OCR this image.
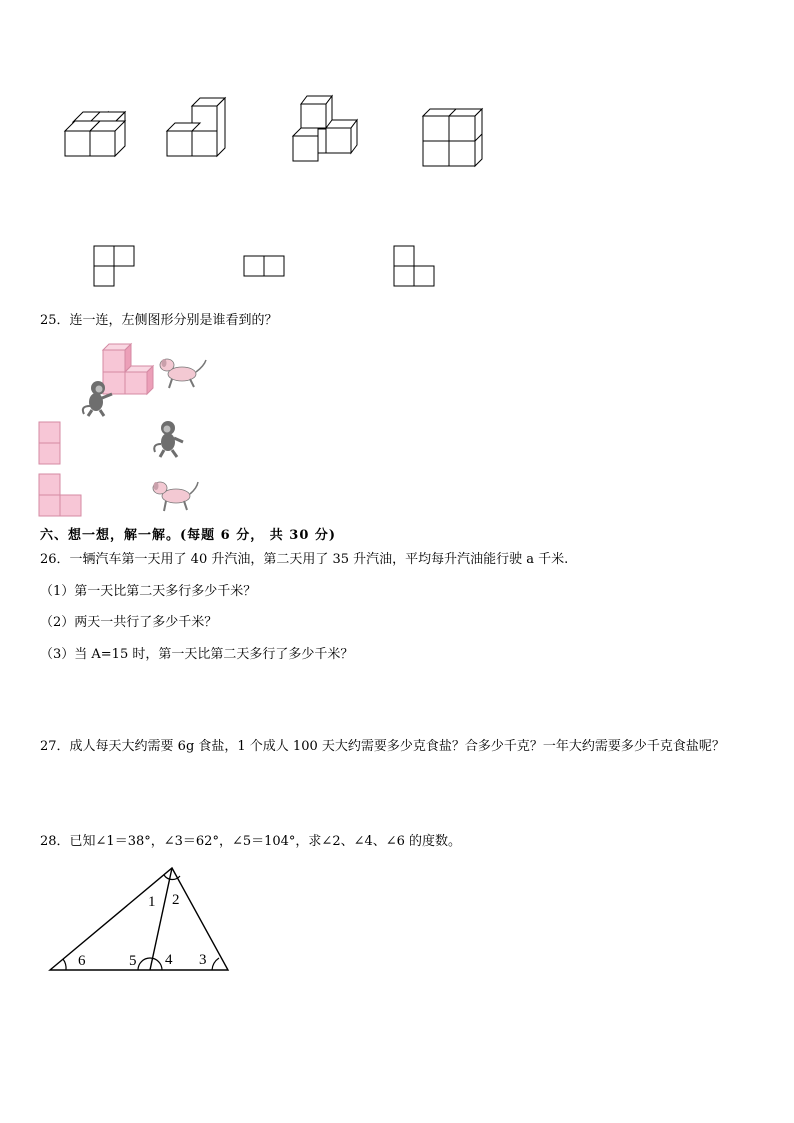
25．连一连，左侧图形分别是谁看到的？
六、想一想，解一解。(每题 6 分， 共 30 分)
26．一辆汽车第一天用了 40 升汽油，第二天用了 35 升汽油，平均每升汽油能行驶 a 千米.
（1）第一天比第二天多行多少千米？
（2）两天一共行了多少千米？
（3）当 A=15 时，第一天比第二天多行了多少千米？
27．成人每天大约需要 6g 食盐，1 个成人 100 天大约需要多少克食盐？合多少千克？一年大约需要多少千克食盐呢？
28．已知∠1＝38°，∠3＝62°，∠5＝104°，求∠2、∠4、∠6 的度数。
1 2
6	5 4 3
